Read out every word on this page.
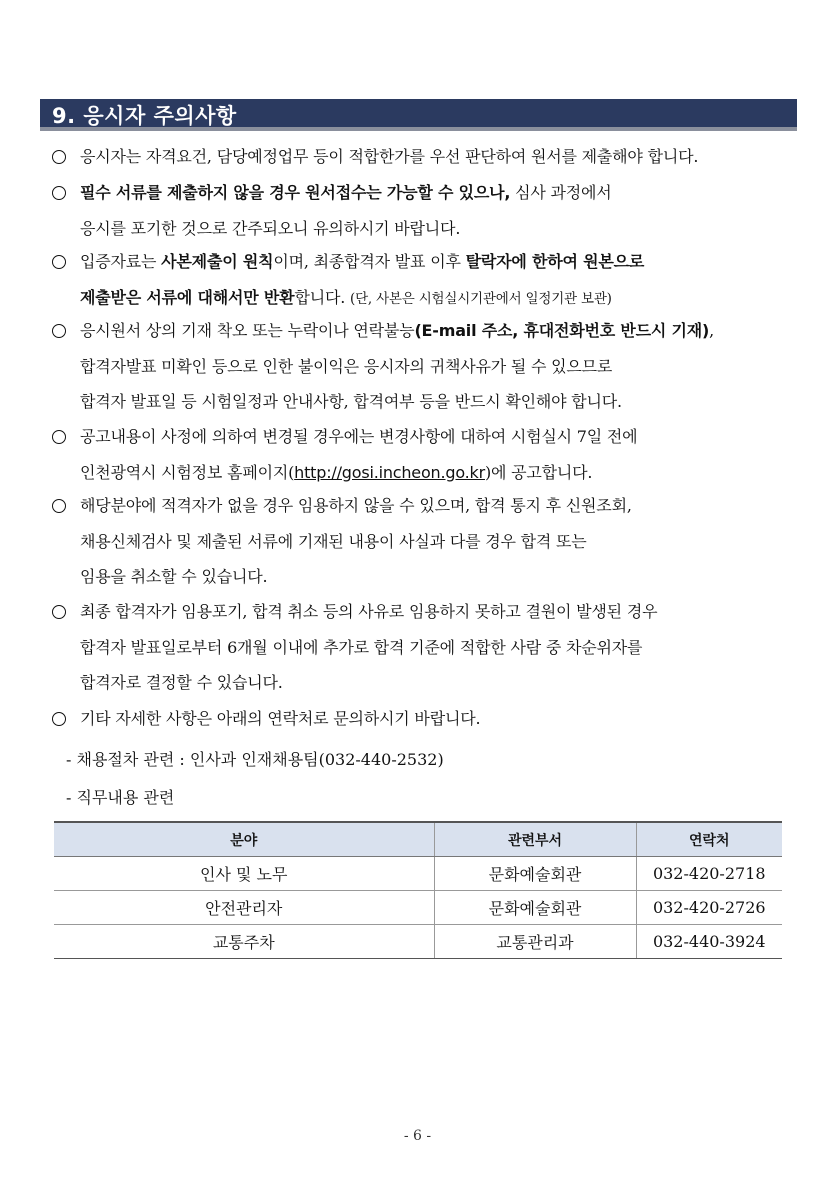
9. 응시자 주의사항
응시자는 자격요건, 담당예정업무 등이 적합한가를 우선 판단하여 원서를 제출해야 합니다.
필수 서류를 제출하지 않을 경우 원서접수는 가능할 수 있으나, 심사 과정에서
응시를 포기한 것으로 간주되오니 유의하시기 바랍니다.
입증자료는 사본제출이 원칙이며, 최종합격자 발표 이후 탈락자에 한하여 원본으로
제출받은 서류에 대해서만 반환합니다. (단, 사본은 시험실시기관에서 일정기관 보관)
응시원서 상의 기재 착오 또는 누락이나 연락불능(E-mail 주소, 휴대전화번호 반드시 기재),
합격자발표 미확인 등으로 인한 불이익은 응시자의 귀책사유가 될 수 있으므로
합격자 발표일 등 시험일정과 안내사항, 합격여부 등을 반드시 확인해야 합니다.
공고내용이 사정에 의하여 변경될 경우에는 변경사항에 대하여 시험실시 7일 전에
인천광역시 시험정보 홈페이지(http://gosi.incheon.go.kr)에 공고합니다.
해당분야에 적격자가 없을 경우 임용하지 않을 수 있으며, 합격 통지 후 신원조회,
채용신체검사 및 제출된 서류에 기재된 내용이 사실과 다를 경우 합격 또는
임용을 취소할 수 있습니다.
최종 합격자가 임용포기, 합격 취소 등의 사유로 임용하지 못하고 결원이 발생된 경우
합격자 발표일로부터 6개월 이내에 추가로 합격 기준에 적합한 사람 중 차순위자를
합격자로 결정할 수 있습니다.
기타 자세한 사항은 아래의 연락처로 문의하시기 바랍니다.
- 채용절차 관련 : 인사과 인재채용팀(032-440-2532)
- 직무내용 관련
분야	관련부서	연락처
인사 및 노무	문화예술회관	032-420-2718
안전관리자	문화예술회관	032-420-2726
교통주차	교통관리과	032-440-3924
- 6 -
